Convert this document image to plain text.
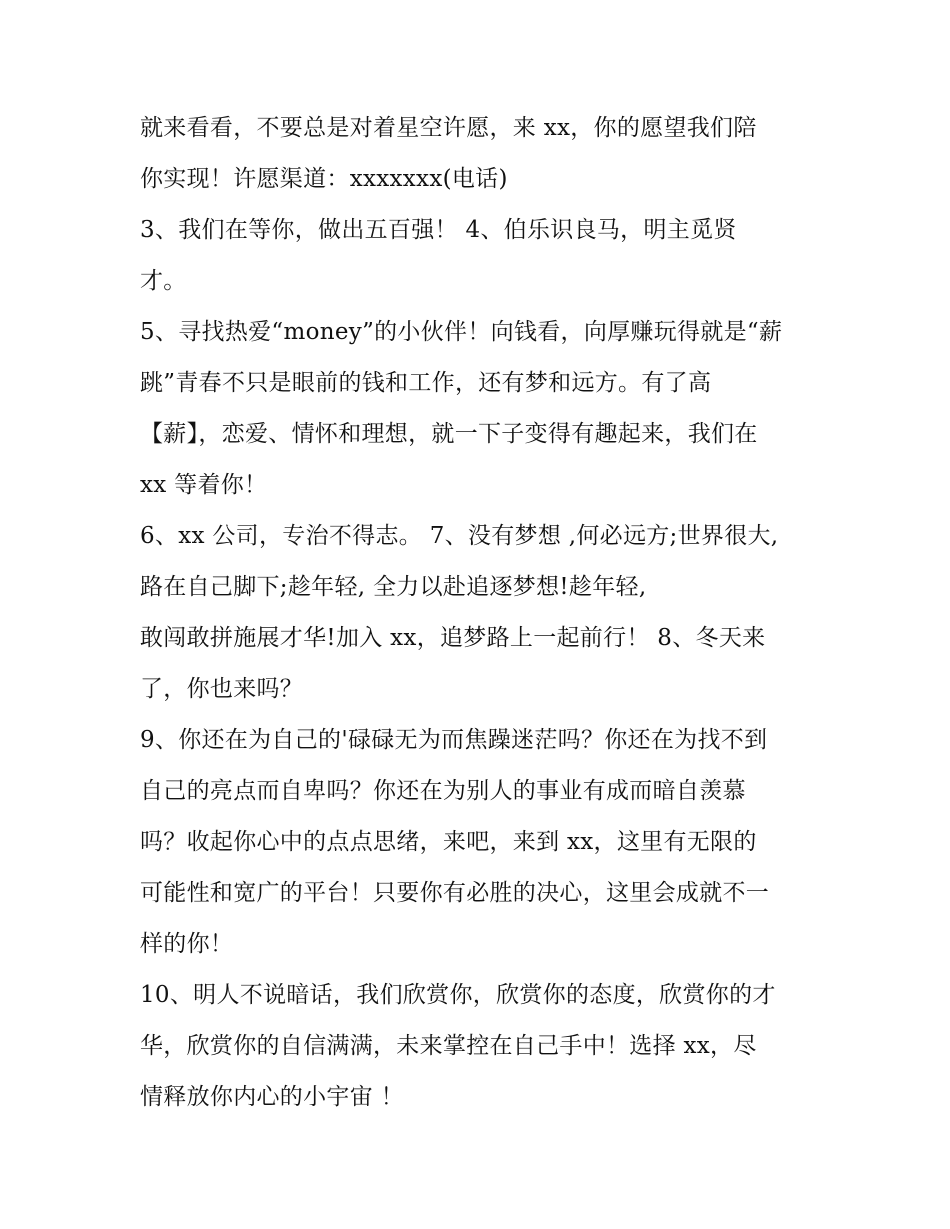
就来看看，不要总是对着星空许愿，来 xx，你的愿望我们陪
你实现！许愿渠道：xxxxxxx(电话)
3、我们在等你，做出五百强！ 4、伯乐识良马，明主觅贤
才。
5、寻找热爱“money”的小伙伴！向钱看，向厚赚玩得就是“薪
跳”青春不只是眼前的钱和工作，还有梦和远方。有了高
【薪】，恋爱、情怀和理想，就一下子变得有趣起来，我们在
xx 等着你！
6、xx 公司，专治不得志。 7、没有梦想 ,何必远方;世界很大,
路在自己脚下;趁年轻, 全力以赴追逐梦想!趁年轻,
敢闯敢拼施展才华!加入 xx，追梦路上一起前行！ 8、冬天来
了，你也来吗？
9、你还在为自己的'碌碌无为而焦躁迷茫吗？你还在为找不到
自己的亮点而自卑吗？你还在为别人的事业有成而暗自羡慕
吗？收起你心中的点点思绪，来吧，来到 xx，这里有无限的
可能性和宽广的平台！只要你有必胜的决心，这里会成就不一
样的你！
10、明人不说暗话，我们欣赏你，欣赏你的态度，欣赏你的才
华，欣赏你的自信满满，未来掌控在自己手中！选择 xx，尽
情释放你内心的小宇宙 ！
